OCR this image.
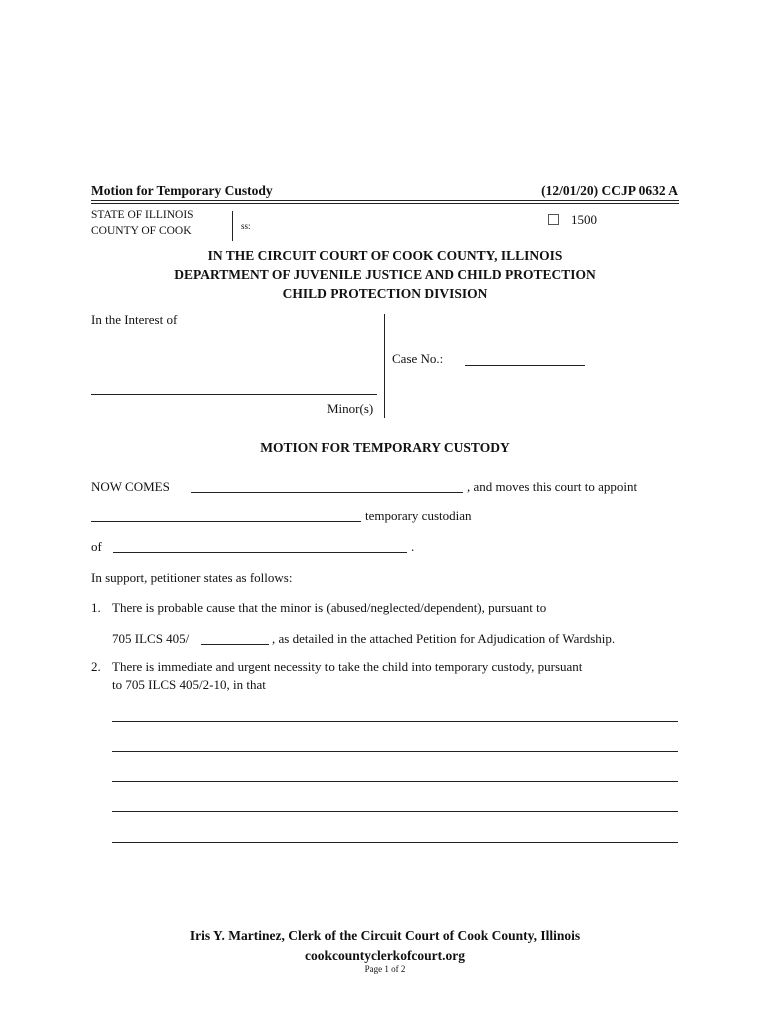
Motion for Temporary Custody	(12/01/20) CCJP 0632 A
STATE OF ILLINOIS
COUNTY OF COOK	ss:	1500
IN THE CIRCUIT COURT OF COOK COUNTY, ILLINOIS
DEPARTMENT OF JUVENILE JUSTICE AND CHILD PROTECTION
CHILD PROTECTION DIVISION
In the Interest of
Minor(s)
Case No.:
MOTION FOR TEMPORARY CUSTODY
NOW COMES	, and moves this court to appoint
temporary custodian
of	.
In support, petitioner states as follows:
1. There is probable cause that the minor is (abused/neglected/dependent), pursuant to
705 ILCS 405/	, as detailed in the attached Petition for Adjudication of Wardship.
2. There is immediate and urgent necessity to take the child into temporary custody, pursuant
to 705 ILCS 405/2-10, in that
Iris Y. Martinez, Clerk of the Circuit Court of Cook County, Illinois
cookcountyclerkofcourt.org
Page 1 of 2
